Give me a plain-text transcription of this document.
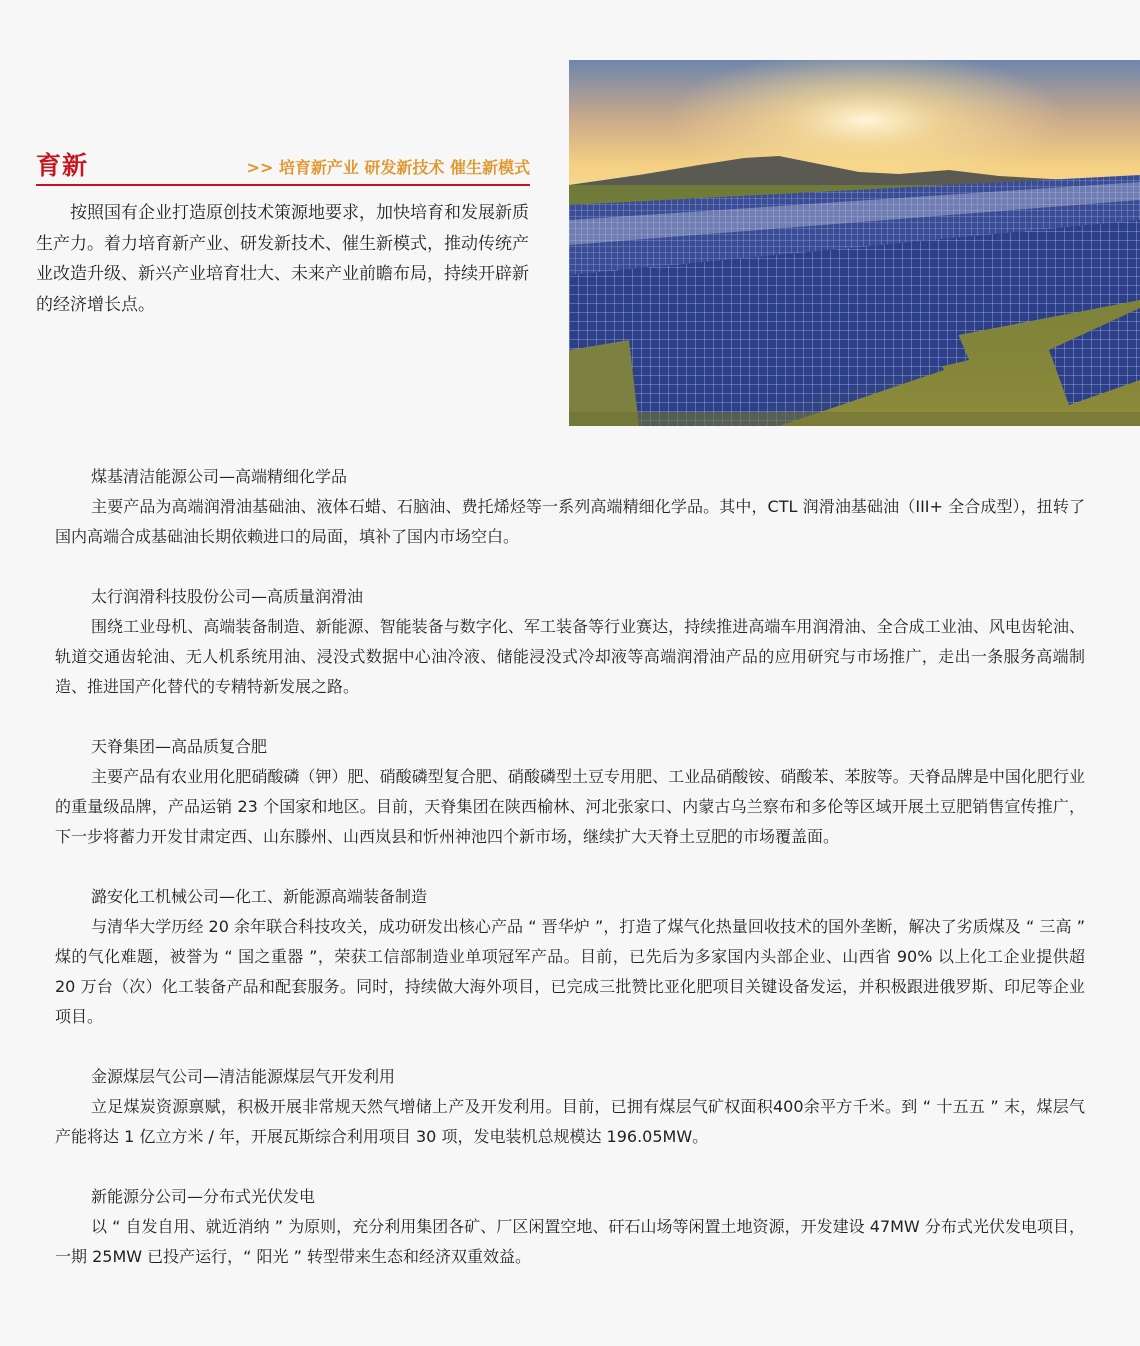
育新	>> 培育新产业 研发新技术 催生新模式

按照国有企业打造原创技术策源地要求，加快培育和发展新质生产力。着力培育新产业、研发新技术、催生新模式，推动传统产业改造升级、新兴产业培育壮大、未来产业前瞻布局，持续开辟新的经济增长点。

煤基清洁能源公司—高端精细化学品

主要产品为高端润滑油基础油、液体石蜡、石脑油、费托烯烃等一系列高端精细化学品。其中，CTL 润滑油基础油（III+ 全合成型），扭转了国内高端合成基础油长期依赖进口的局面，填补了国内市场空白。

太行润滑科技股份公司—高质量润滑油

围绕工业母机、高端装备制造、新能源、智能装备与数字化、军工装备等行业赛达，持续推进高端车用润滑油、全合成工业油、风电齿轮油、轨道交通齿轮油、无人机系统用油、浸没式数据中心油冷液、储能浸没式冷却液等高端润滑油产品的应用研究与市场推广，走出一条服务高端制造、推进国产化替代的专精特新发展之路。

天脊集团—高品质复合肥

主要产品有农业用化肥硝酸磷（钾）肥、硝酸磷型复合肥、硝酸磷型土豆专用肥、工业品硝酸铵、硝酸苯、苯胺等。天脊品牌是中国化肥行业的重量级品牌，产品运销 23 个国家和地区。目前，天脊集团在陕西榆林、河北张家口、内蒙古乌兰察布和多伦等区域开展土豆肥销售宣传推广，下一步将蓄力开发甘肃定西、山东滕州、山西岚县和忻州神池四个新市场，继续扩大天脊土豆肥的市场覆盖面。

潞安化工机械公司—化工、新能源高端装备制造

与清华大学历经 20 余年联合科技攻关，成功研发出核心产品 “ 晋华炉 ”，打造了煤气化热量回收技术的国外垄断，解决了劣质煤及 “ 三高 ” 煤的气化难题，被誉为 “ 国之重器 ”，荣获工信部制造业单项冠军产品。目前，已先后为多家国内头部企业、山西省 90% 以上化工企业提供超 20 万台（次）化工装备产品和配套服务。同时，持续做大海外项目，已完成三批赞比亚化肥项目关键设备发运，并积极跟进俄罗斯、印尼等企业项目。

金源煤层气公司—清洁能源煤层气开发利用

立足煤炭资源禀赋，积极开展非常规天然气增储上产及开发利用。目前，已拥有煤层气矿权面积400余平方千米。到 “ 十五五 ” 末，煤层气产能将达 1 亿立方米 / 年，开展瓦斯综合利用项目 30 项，发电装机总规模达 196.05MW。

新能源分公司—分布式光伏发电

以 “ 自发自用、就近消纳 ” 为原则，充分利用集团各矿、厂区闲置空地、矸石山场等闲置土地资源，开发建设 47MW 分布式光伏发电项目，一期 25MW 已投产运行，“ 阳光 ” 转型带来生态和经济双重效益。
